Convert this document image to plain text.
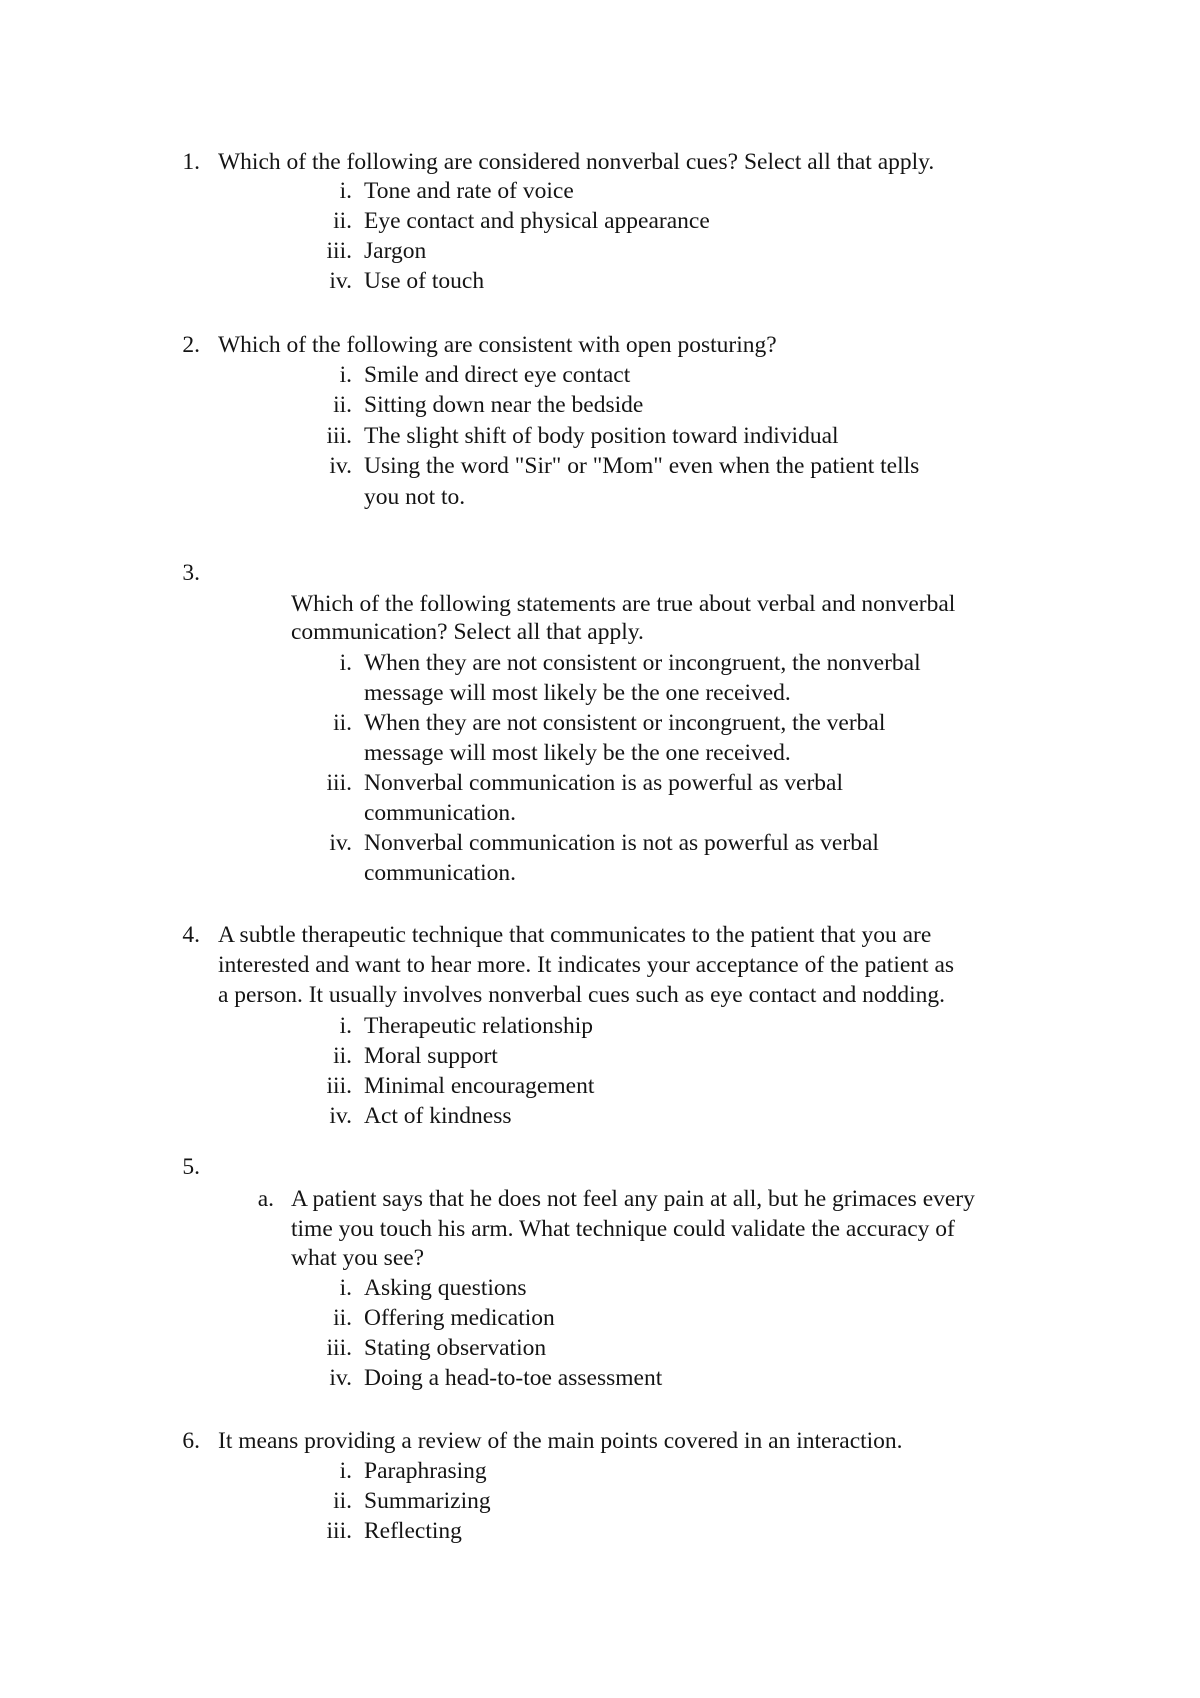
1. Which of the following are considered nonverbal cues? Select all that apply.
i. Tone and rate of voice
ii. Eye contact and physical appearance
iii. Jargon
iv. Use of touch
2. Which of the following are consistent with open posturing?
i. Smile and direct eye contact
ii. Sitting down near the bedside
iii. The slight shift of body position toward individual
iv. Using the word "Sir" or "Mom" even when the patient tells
you not to.
3.
Which of the following statements are true about verbal and nonverbal
communication? Select all that apply.
i. When they are not consistent or incongruent, the nonverbal
message will most likely be the one received.
ii. When they are not consistent or incongruent, the verbal
message will most likely be the one received.
iii. Nonverbal communication is as powerful as verbal
communication.
iv. Nonverbal communication is not as powerful as verbal
communication.
4. A subtle therapeutic technique that communicates to the patient that you are
interested and want to hear more. It indicates your acceptance of the patient as
a person. It usually involves nonverbal cues such as eye contact and nodding.
i. Therapeutic relationship
ii. Moral support
iii. Minimal encouragement
iv. Act of kindness
5.
a. A patient says that he does not feel any pain at all, but he grimaces every
time you touch his arm. What technique could validate the accuracy of
what you see?
i. Asking questions
ii. Offering medication
iii. Stating observation
iv. Doing a head-to-toe assessment
6. It means providing a review of the main points covered in an interaction.
i. Paraphrasing
ii. Summarizing
iii. Reflecting
